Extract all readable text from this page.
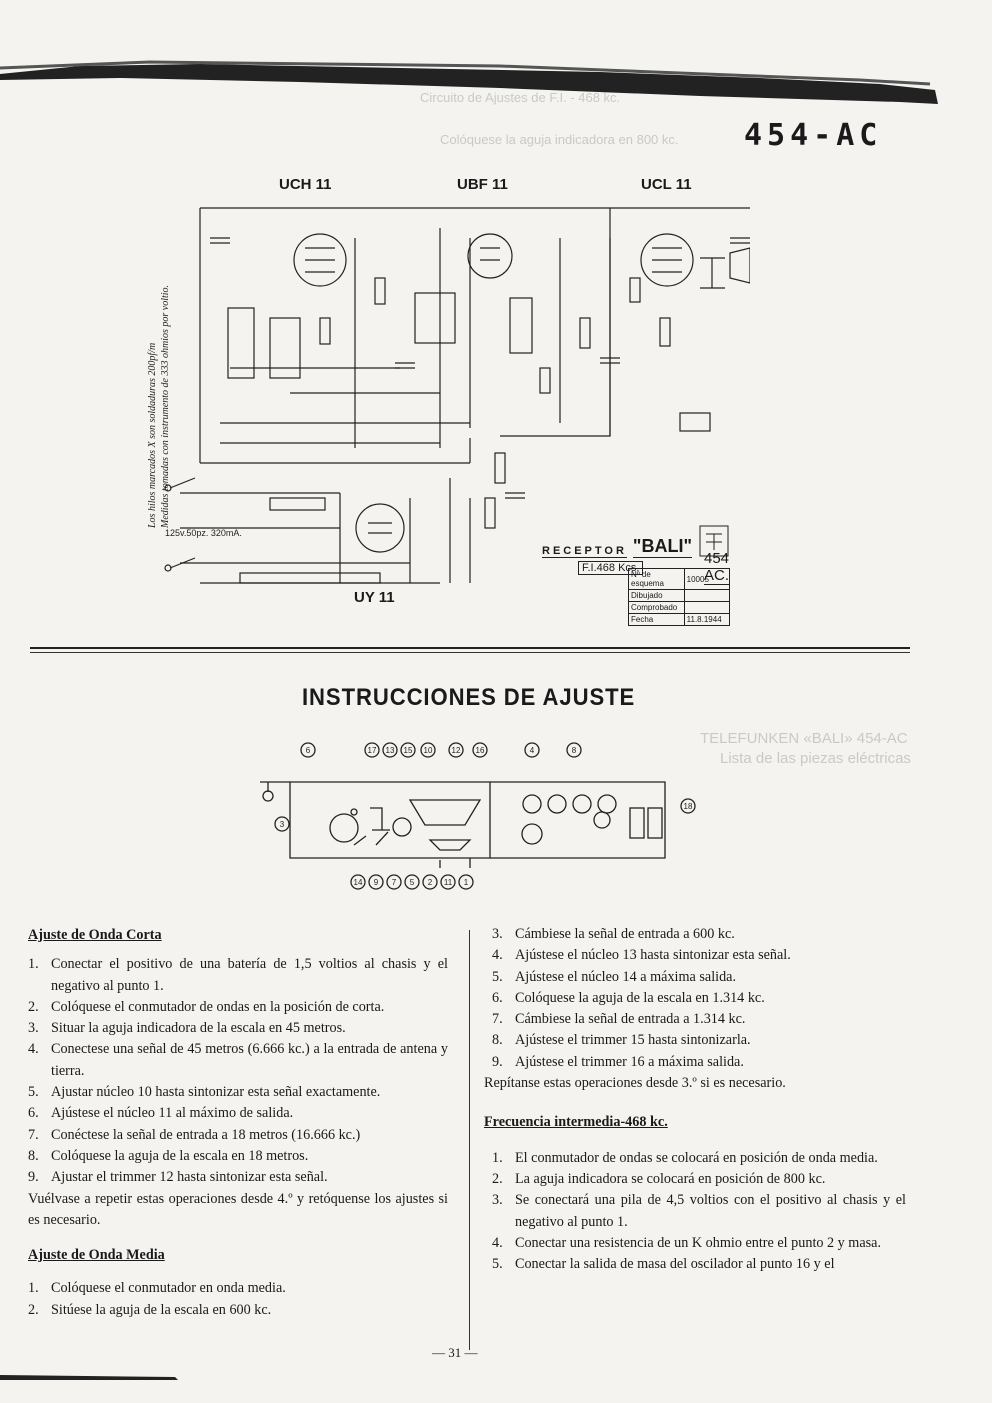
Circuito de Ajustes de F.I. - 468 kc.
Colóquese la aguja indicadora en 800 kc.
TELEFUNKEN «BALI» 454-AC
Lista de las piezas eléctricas
454-AC
UCH 11	UBF 11	UCL 11
UY 11
Los hilos marcados X son soldaduras 200pf/m Medidas tomadas con instrumento de 333 ohmios por voltio.
125v.50pz. 320mA.
RECEPTOR "BALI"
F.I.468 Kcs.
454 AC.
Nº de esquema	10005
Dibujado	
Comprobado	
Fecha	11.8.1944
INSTRUCCIONES DE AJUSTE
6
3
17 13 15 10 12 16	4	8
14 9 7 5 2 11 1
18
Ajuste de Onda Corta
1. Conectar el positivo de una batería de 1,5 voltios al chasis y el negativo al punto 1.
2. Colóquese el conmutador de ondas en la posición de corta.
3. Situar la aguja indicadora de la escala en 45 metros.
4. Conectese una señal de 45 metros (6.666 kc.) a la entrada de antena y tierra.
5. Ajustar núcleo 10 hasta sintonizar esta señal exactamente.
6. Ajústese el núcleo 11 al máximo de salida.
7. Conéctese la señal de entrada a 18 metros (16.666 kc.)
8. Colóquese la aguja de la escala en 18 metros.
9. Ajustar el trimmer 12 hasta sintonizar esta señal.
Vuélvase a repetir estas operaciones desde 4.º y retóquense los ajustes si es necesario.
Ajuste de Onda Media
1. Colóquese el conmutador en onda media.
2. Sitúese la aguja de la escala en 600 kc.
3. Cámbiese la señal de entrada a 600 kc.
4. Ajústese el núcleo 13 hasta sintonizar esta señal.
5. Ajústese el núcleo 14 a máxima salida.
6. Colóquese la aguja de la escala en 1.314 kc.
7. Cámbiese la señal de entrada a 1.314 kc.
8. Ajústese el trimmer 15 hasta sintonizarla.
9. Ajústese el trimmer 16 a máxima salida.
Repítanse estas operaciones desde 3.º si es necesario.
Frecuencia intermedia-468 kc.
1. El conmutador de ondas se colocará en posición de onda media.
2. La aguja indicadora se colocará en posición de 800 kc.
3. Se conectará una pila de 4,5 voltios con el positivo al chasis y el negativo al punto 1.
4. Conectar una resistencia de un K ohmio entre el punto 2 y masa.
5. Conectar la salida de masa del oscilador al punto 16 y el
— 31 —
